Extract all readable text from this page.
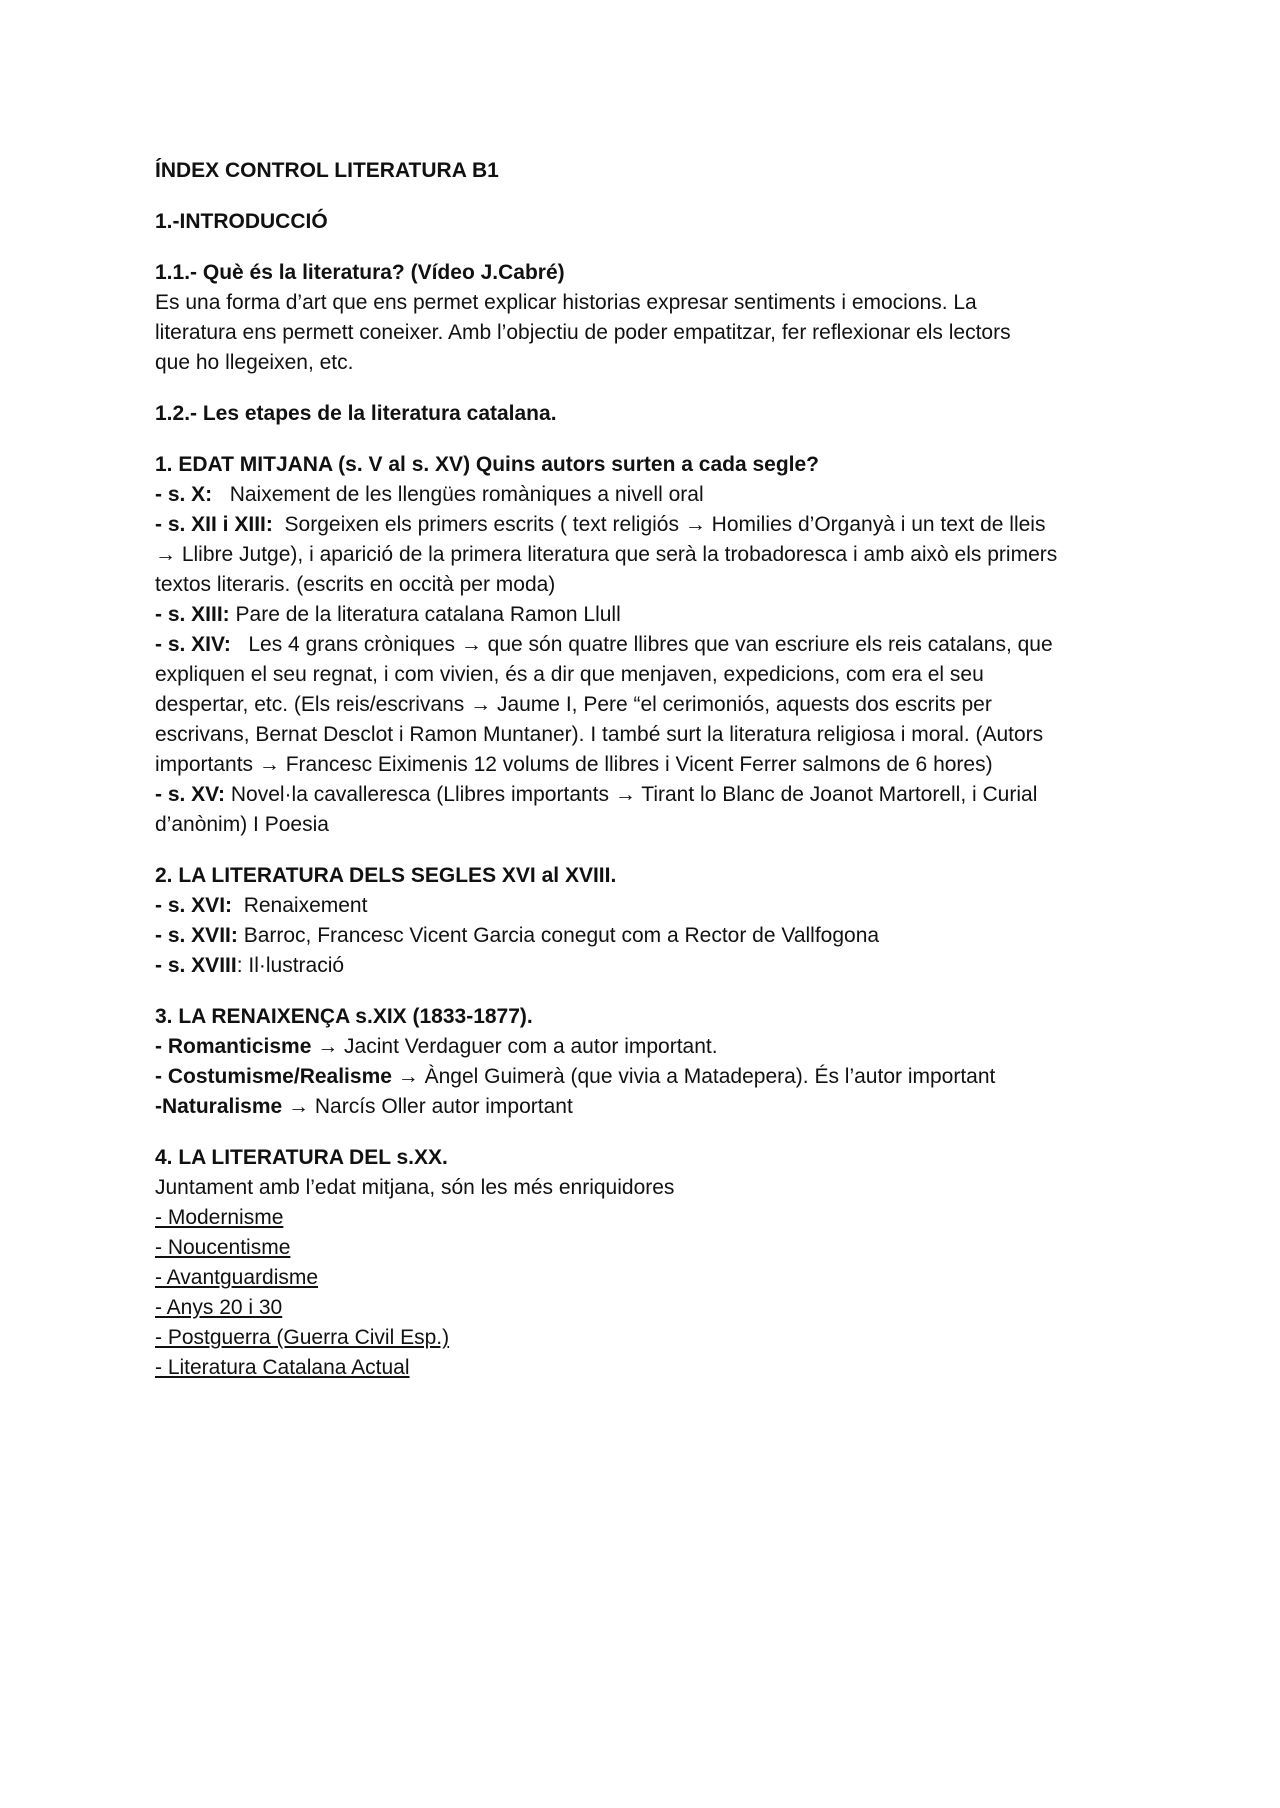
ÍNDEX CONTROL LITERATURA B1
1.-INTRODUCCIÓ
1.1.- Què és la literatura? (Vídeo J.Cabré)
Es una forma d’art que ens permet explicar historias expresar sentiments i emocions. La
literatura ens permett coneixer. Amb l’objectiu de poder empatitzar, fer reflexionar els lectors
que ho llegeixen, etc.
1.2.- Les etapes de la literatura catalana.
1. EDAT MITJANA (s. V al s. XV) Quins autors surten a cada segle?
- s. X:   Naixement de les llengües romàniques a nivell oral
- s. XII i XIII:  Sorgeixen els primers escrits ( text religiós → Homilies d’Organyà i un text de lleis
→ Llibre Jutge), i aparició de la primera literatura que serà la trobadoresca i amb això els primers
textos literaris. (escrits en occità per moda)
- s. XIII: Pare de la literatura catalana Ramon Llull
- s. XIV:   Les 4 grans cròniques → que són quatre llibres que van escriure els reis catalans, que
expliquen el seu regnat, i com vivien, és a dir que menjaven, expedicions, com era el seu
despertar, etc. (Els reis/escrivans → Jaume I, Pere “el cerimoniós, aquests dos escrits per
escrivans, Bernat Desclot i Ramon Muntaner). I també surt la literatura religiosa i moral. (Autors
importants → Francesc Eiximenis 12 volums de llibres i Vicent Ferrer salmons de 6 hores)
- s. XV: Novel·la cavalleresca (Llibres importants → Tirant lo Blanc de Joanot Martorell, i Curial
d’anònim) I Poesia
2. LA LITERATURA DELS SEGLES XVI al XVIII.
- s. XVI:  Renaixement
- s. XVII: Barroc, Francesc Vicent Garcia conegut com a Rector de Vallfogona
- s. XVIII: Il·lustració
3. LA RENAIXENÇA s.XIX (1833-1877).
- Romanticisme → Jacint Verdaguer com a autor important.
- Costumisme/Realisme → Àngel Guimerà (que vivia a Matadepera). És l’autor important
-Naturalisme → Narcís Oller autor important
4. LA LITERATURA DEL s.XX.
Juntament amb l’edat mitjana, són les més enriquidores
- Modernisme
- Noucentisme
- Avantguardisme
- Anys 20 i 30
- Postguerra (Guerra Civil Esp.)
- Literatura Catalana Actual
